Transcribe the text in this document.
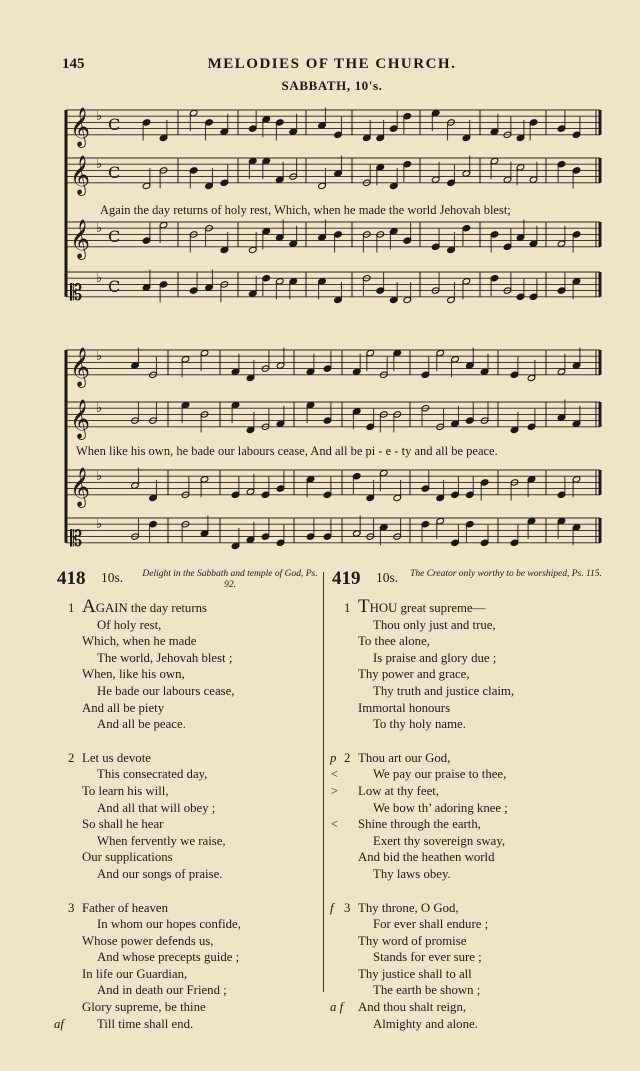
145	MELODIES OF THE CHURCH.
SABBATH, 10's.
𝄞 ♭ C
𝄞 ♭ C
𝄞 ♭ C
𝄡
♭ C
Again the day returns of holy rest, Which, when he made the world Jehovah blest;
𝄞 ♭
𝄞 ♭
𝄞 ♭
𝄡
♭
When like his own, he bade our labours cease, And all be pi - e - ty and all be peace.
418 10s.	Delight in the Sabbath and temple of God, Ps. 92.	419 10s. The Creator only worthy to be worshiped, Ps. 115.
1 AGAIN the day returns
Of holy rest,
Which, when he made
The world, Jehovah blest ;
When, like his own,
He bade our labours cease,
And all be piety
And all be peace.
2 Let us devote
This consecrated day,
To learn his will,
And all that will obey ;
So shall he hear
When fervently we raise,
Our supplications
And our songs of praise.
3 Father of heaven
In whom our hopes confide,
Whose power defends us,
And whose precepts guide ;
In life our Guardian,
And in death our Friend ;
Glory supreme, be thine
af	Till time shall end.
1 THOU great supreme—
Thou only just and true,
To thee alone,
Is praise and glory due ;
Thy power and grace,
Thy truth and justice claim,
Immortal honours
To thy holy name.
2
p Thou art our God,
<	We pay our praise to thee,
> Low at thy feet,
We bow th’ adoring knee ;
< Shine through the earth,
Exert thy sovereign sway,
And bid the heathen world
Thy laws obey.
3
f Thy throne, O God,
For ever shall endure ;
Thy word of promise
Stands for ever sure ;
Thy justice shall to all
The earth be shown ;
a f And thou shalt reign,
Almighty and alone.
